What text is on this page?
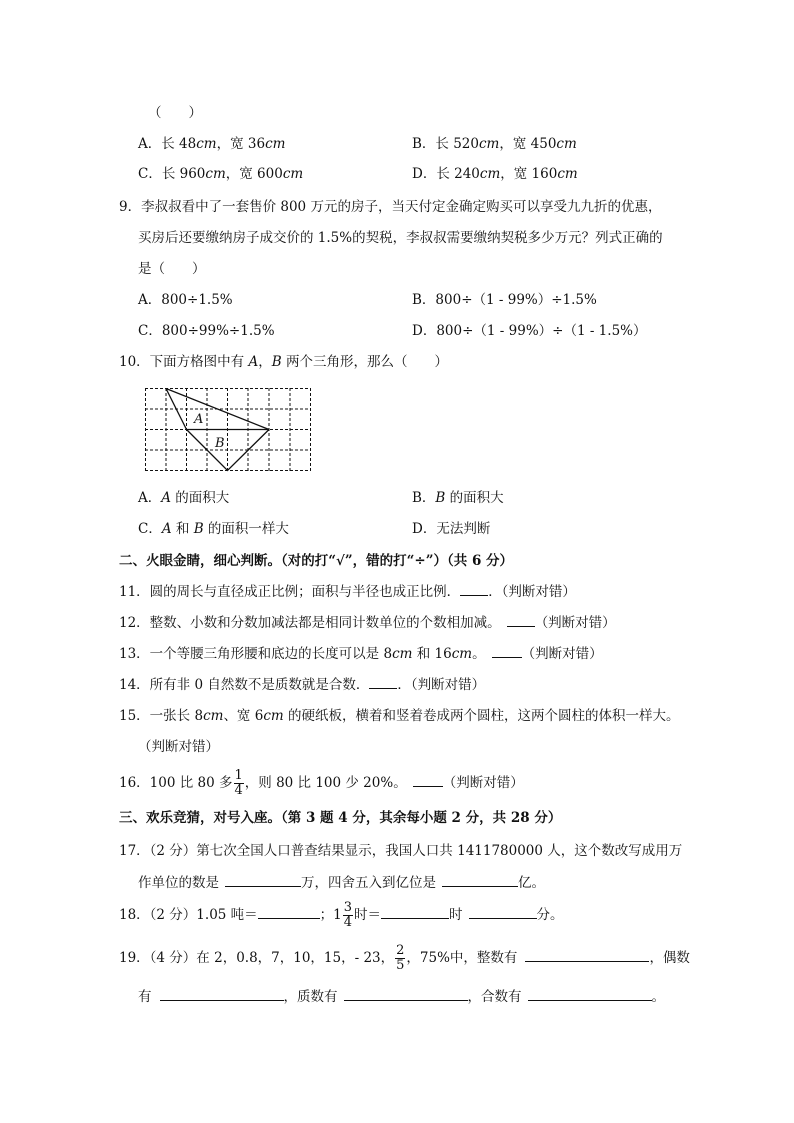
（　　）
A．长 48cm，宽 36cm	B．长 520cm，宽 450cm
C．长 960cm，宽 600cm	D．长 240cm，宽 160cm
9．李叔叔看中了一套售价 800 万元的房子，当天付定金确定购买可以享受九九折的优惠，
买房后还要缴纳房子成交价的 1.5%的契税，李叔叔需要缴纳契税多少万元？列式正确的
是（　　）
A．800÷1.5%	B．800÷（1 - 99%）÷1.5%
C．800÷99%÷1.5%	D．800÷（1 - 99%）÷（1 - 1.5%）
10．下面方格图中有 A，B 两个三角形，那么（　　）
A
B
A．A 的面积大	B．B 的面积大
C．A 和 B 的面积一样大	D．无法判断
二、火眼金睛，细心判断。（对的打“√”，错的打“÷”）（共 6 分）
11．圆的周长与直径成正比例；面积与半径也成正比例． ．（判断对错）
12．整数、小数和分数加减法都是相同计数单位的个数相加减。	（判断对错）
13．一个等腰三角形腰和底边的长度可以是 8cm 和 16cm。	（判断对错）
14．所有非 0 自然数不是质数就是合数． ．（判断对错）
15．一张长 8cm、宽 6cm 的硬纸板，横着和竖着卷成两个圆柱，这两个圆柱的体积一样大。
（判断对错）
16．100 比 80 多 $\frac{1}{4}$ ，则 80 比 100 少 20%。	（判断对错）
三、欢乐竞猜，对号入座。（第 3 题 4 分，其余每小题 2 分，共 28 分）
17．（2 分）第七次全国人口普查结果显示，我国人口共 1411780000 人，这个数改写成用万
作单位的数是	万，四舍五入到亿位是	亿。
18．（2 分）1.05 吨＝	；$1 \frac{3}{4}$ 时＝	时	分。
19．（4 分）在 2，0.8，7，10，15，- 23， $\frac{2}{5}$ ，75%中，整数有	，偶数
有	，质数有	，合数有	。
